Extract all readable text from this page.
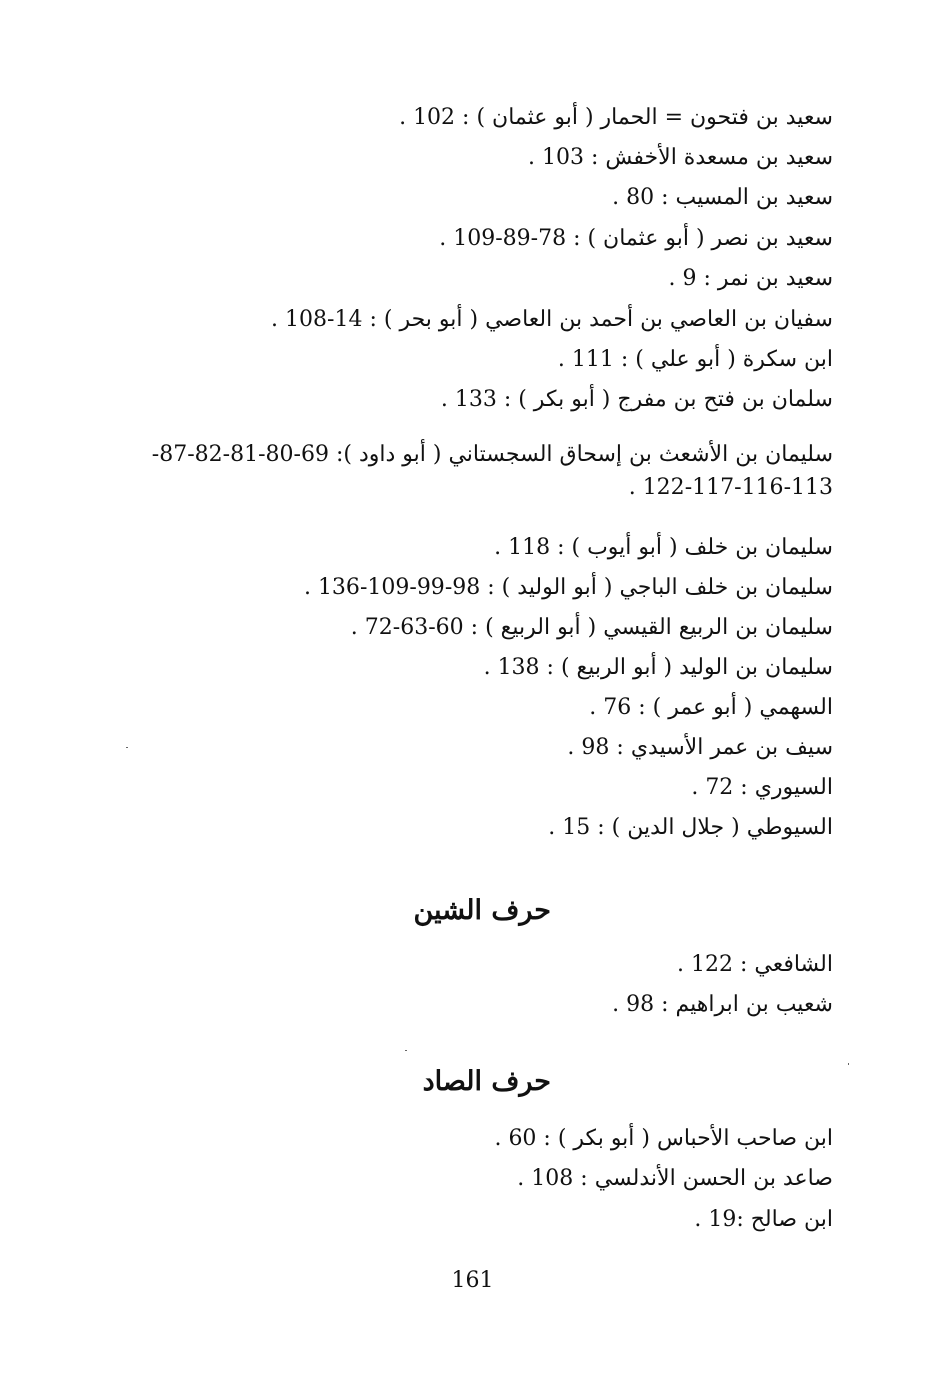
سعيد بن فتحون = الحمار ( أبو عثمان ) : 102 .
سعيد بن مسعدة الأخفش : 103 .
سعيد بن المسيب : 80 .
سعيد بن نصر ( أبو عثمان ) : 78-89-109 .
سعيد بن نمر : 9 .
سفيان بن العاصي بن أحمد بن العاصي ( أبو بحر ) : 14-108 .
ابن سكرة ( أبو علي ) : 111 .
سلمان بن فتح بن مفرج ( أبو بكر ) : 133 .
سليمان بن الأشعث بن إسحاق السجستاني ( أبو داود ): 69-80-81-82-87-113-116-117-122 .
سليمان بن خلف ( أبو أيوب ) : 118 .
سليمان بن خلف الباجي ( أبو الوليد ) : 98-99-109-136 .
سليمان بن الربيع القيسي ( أبو الربيع ) : 60-63-72 .
سليمان بن الوليد ( أبو الربيع ) : 138 .
السهمي ( أبو عمر ) : 76 .
سيف بن عمر الأسيدي : 98 .
السيوري : 72 .
السيوطي ( جلال الدين ) : 15 .
حرف الشين
الشافعي : 122 .
شعيب بن ابراهيم : 98 .
حرف الصاد
ابن صاحب الأحباس ( أبو بكر ) : 60 .
صاعد بن الحسن الأندلسي : 108 .
ابن صالح :19 .
161
